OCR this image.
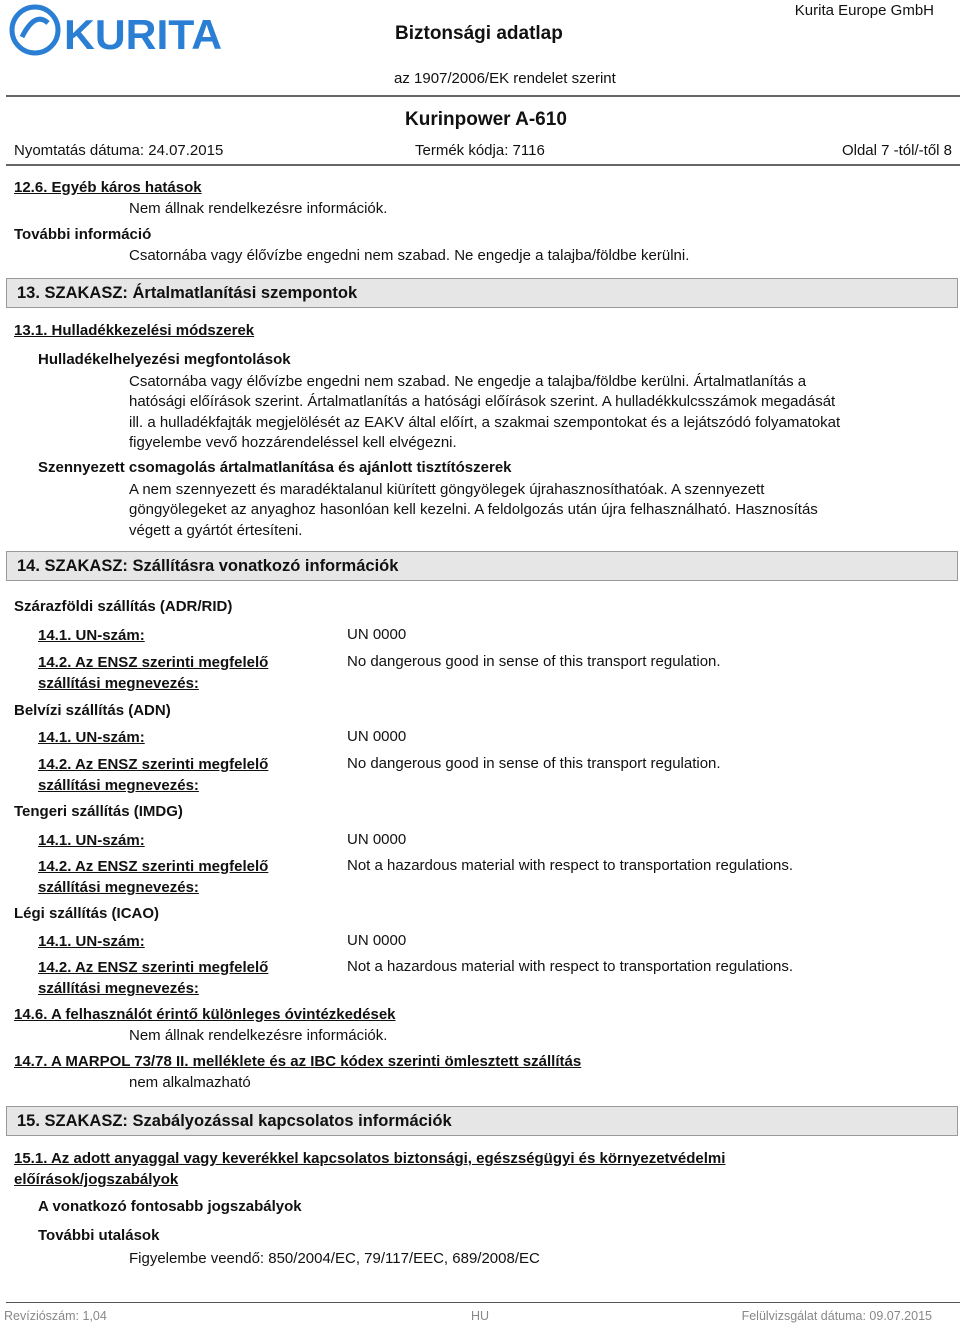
KURITA	Biztonsági adatlap
Kurita Europe GmbH
az 1907/2006/EK rendelet szerint
Kurinpower A-610
Nyomtatás dátuma: 24.07.2015	Termék kódja: 7116	Oldal 7 -tól/-től 8
12.6. Egyéb káros hatások
Nem állnak rendelkezésre információk.
További információ
Csatornába vagy élővízbe engedni nem szabad. Ne engedje a talajba/földbe kerülni.
13. SZAKASZ: Ártalmatlanítási szempontok
13.1. Hulladékkezelési módszerek
Hulladékelhelyezési megfontolások
Csatornába vagy élővízbe engedni nem szabad. Ne engedje a talajba/földbe kerülni. Ártalmatlanítás a hatósági előírások szerint. Ártalmatlanítás a hatósági előírások szerint. A hulladékkulcsszámok megadását ill. a hulladékfajták megjelölését az EAKV által előírt, a szakmai szempontokat és a lejátszódó folyamatokat figyelembe vevő hozzárendeléssel kell elvégezni.
Szennyezett csomagolás ártalmatlanítása és ajánlott tisztítószerek
A nem szennyezett és maradéktalanul kiürített göngyölegek újrahasznosíthatóak. A szennyezett göngyölegeket az anyaghoz hasonlóan kell kezelni. A feldolgozás után újra felhasználható. Hasznosítás végett a gyártót értesíteni.
14. SZAKASZ: Szállításra vonatkozó információk
Szárazföldi szállítás (ADR/RID)
14.1. UN-szám:	UN 0000
14.2. Az ENSZ szerinti megfelelő
szállítási megnevezés:
No dangerous good in sense of this transport regulation.
Belvízi szállítás (ADN)
14.1. UN-szám:	UN 0000
14.2. Az ENSZ szerinti megfelelő
szállítási megnevezés:
No dangerous good in sense of this transport regulation.
Tengeri szállítás (IMDG)
14.1. UN-szám:	UN 0000
14.2. Az ENSZ szerinti megfelelő
szállítási megnevezés:
Not a hazardous material with respect to transportation regulations.
Légi szállítás (ICAO)
14.1. UN-szám:	UN 0000
14.2. Az ENSZ szerinti megfelelő
szállítási megnevezés:
Not a hazardous material with respect to transportation regulations.
14.6. A felhasználót érintő különleges óvintézkedések
Nem állnak rendelkezésre információk.
14.7. A MARPOL 73/78 II. melléklete és az IBC kódex szerinti ömlesztett szállítás
nem alkalmazható
15. SZAKASZ: Szabályozással kapcsolatos információk
15.1. Az adott anyaggal vagy keverékkel kapcsolatos biztonsági, egészségügyi és környezetvédelmi
előírások/jogszabályok
A vonatkozó fontosabb jogszabályok
További utalások
Figyelembe veendő: 850/2004/EC, 79/117/EEC, 689/2008/EC
Revíziószám: 1,04	HU	Felülvizsgálat dátuma: 09.07.2015
